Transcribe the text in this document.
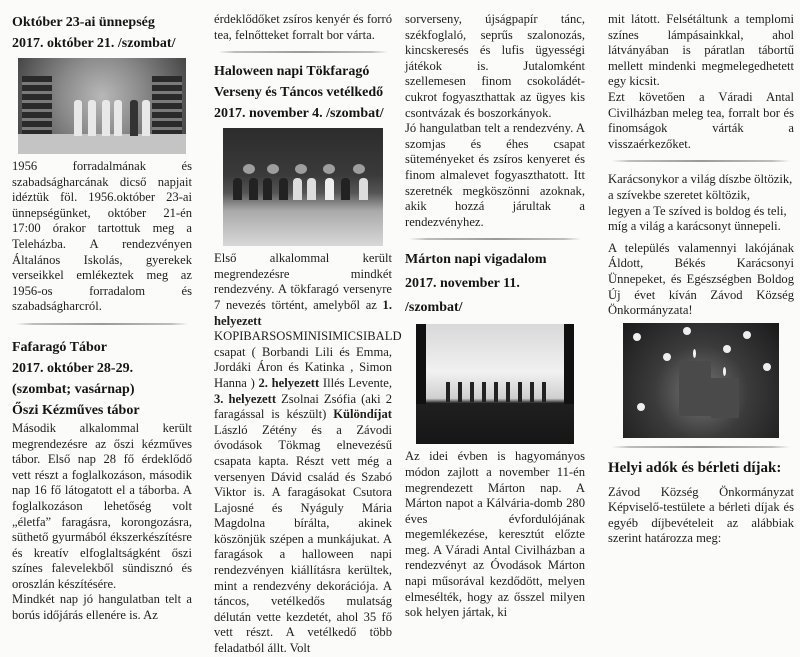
Október 23-ai ünnepség

2017. október 21. /szombat/

1956 forradalmának és szabadságharcának dicső napjait idéztük föl. 1956.október 23-ai ünnepségünket, október 21-én 17:00 órakor tartottuk meg a Teleházba. A rendezvényen Általános Iskolás, gyerekek verseikkel emlékeztek meg az 1956-os forradalom és szabadságharcról.

Fafaragó Tábor

2017. október 28-29.

(szombat; vasárnap)

Őszi Kézműves tábor

Második alkalommal került megrendezésre az őszi kézműves tábor. Első nap 28 fő érdeklődő vett részt a foglalkozáson, második nap 16 fő látogatott el a táborba. A foglalkozáson lehetőség volt „életfa” faragásra, korongozásra, süthető gyurmából ékszerkészítésre és kreatív elfoglaltságként őszi színes falevelekből sündisznó és oroszlán készítésére.

Mindkét nap jó hangulatban telt a borús időjárás ellenére is. Az

érdeklődőket zsíros kenyér és forró tea, felnőtteket forralt bor várta.

Haloween napi Tökfaragó

Verseny és Táncos vetélkedő

2017. november 4. /szombat/

Első alkalommal került megrendezésre mindkét rendezvény. A tökfaragó versenyre 7 nevezés történt, amelyből az 1. helyezett KOPIBARSOSMINISIMICSIBALD csapat ( Borbandi Lili és Emma, Jordáki Áron és Katinka , Simon Hanna ) 2. helyezett Illés Levente, 3. helyezett Zsolnai Zsófia (aki 2 faragással is készült) Különdíjat László Zétény és a Závodi óvodások Tökmag elnevezésű csapata kapta. Részt vett még a versenyen Dávid család és Szabó Viktor is. A faragásokat Csutora Lajosné és Nyáguly Mária Magdolna bírálta, akinek köszönjük szépen a munkájukat. A faragások a halloween napi rendezvényen kiállításra kerültek, mint a rendezvény dekorációja. A táncos, vetélkedős mulatság délután vette kezdetét, ahol 35 fő vett részt. A vetélkedő több feladatból állt. Volt

sorverseny, újságpapír tánc, székfoglaló, seprűs szalonozás, kincskeresés és lufis ügyességi játékok is. Jutalomként szellemesen finom csokoládét-cukrot fogyaszthattak az ügyes kis csontvázak és boszorkányok.

Jó hangulatban telt a rendezvény. A szomjas és éhes csapat süteményeket és zsíros kenyeret és finom almalevet fogyaszthatott. Itt szeretnék megköszönni azoknak, akik hozzá járultak a rendezvényhez.

Márton napi vigadalom

2017. november 11.

/szombat/

Az idei évben is hagyományos módon zajlott a november 11-én megrendezett Márton nap. A Márton napot a Kálvária-domb 280 éves évfordulójának megemlékezése, keresztút előzte meg. A Váradi Antal Civilházban a rendezvényt az Óvodások Márton napi műsorával kezdődött, melyen elmesélték, hogy az ősszel milyen sok helyen jártak, ki

mit látott. Felsétáltunk a templomi színes lámpásainkkal, ahol látványában is páratlan tábortű mellett mindenki megmelegedhetett egy kicsit.

Ezt követően a Váradi Antal Civilházban meleg tea, forralt bor és finomságok várták a visszaérkezőket.

Karácsonykor a világ díszbe öltözik,

a szívekbe szeretet költözik,

legyen a Te szíved is boldog és teli,

míg a világ a karácsonyt ünnepeli.

A település valamennyi lakójának Áldott, Békés Karácsonyi Ünnepeket, és Egészségben Boldog Új évet kíván Závod Község Önkormányzata!

Helyi adók és bérleti díjak:

Závod Község Önkormányzat Képviselő-testülete a bérleti díjak és egyéb díjbevételeit az alábbiak szerint határozza meg:
